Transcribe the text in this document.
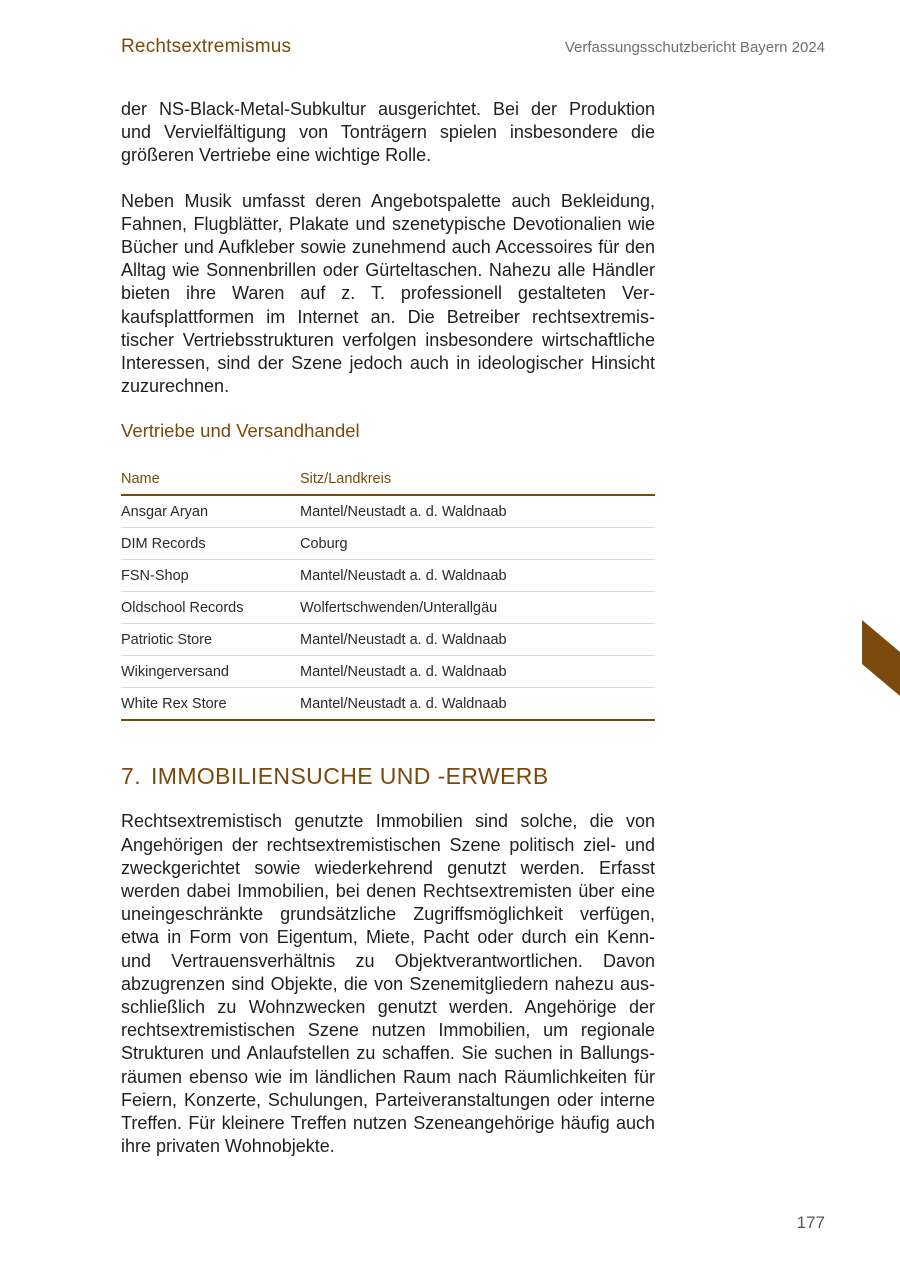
Rechtsextremismus	Verfassungsschutzbericht Bayern 2024

der NS-Black-Metal-Subkultur ausgerichtet. Bei der Produktion und Vervielfältigung von Tonträgern spielen insbesondere die größeren Vertriebe eine wichtige Rolle.

Neben Musik umfasst deren Angebotspalette auch Bekleidung, Fahnen, Flugblätter, Plakate und szenetypische Devotionalien wie Bücher und Aufkleber sowie zunehmend auch Accessoires für den Alltag wie Sonnenbrillen oder Gürteltaschen. Nahezu alle Händler bieten ihre Waren auf z. T. professionell gestalteten Verkaufsplattformen im Internet an. Die Betreiber rechtsextremistischer Vertriebsstrukturen verfolgen insbesondere wirtschaftliche Interessen, sind der Szene jedoch auch in ideologischer Hinsicht zuzurechnen.

Vertriebe und Versandhandel
Name	Sitz/Landkreis
Ansgar Aryan	Mantel/Neustadt a. d. Waldnaab
DIM Records	Coburg
FSN-Shop	Mantel/Neustadt a. d. Waldnaab
Oldschool Records	Wolfertschwenden/Unterallgäu
Patriotic Store	Mantel/Neustadt a. d. Waldnaab
Wikingerversand	Mantel/Neustadt a. d. Waldnaab
White Rex Store	Mantel/Neustadt a. d. Waldnaab
7. IMMOBILIENSUCHE UND -ERWERB

Rechtsextremistisch genutzte Immobilien sind solche, die von Angehörigen der rechtsextremistischen Szene politisch ziel- und zweckgerichtet sowie wiederkehrend genutzt werden. Erfasst werden dabei Immobilien, bei denen Rechtsextremisten über eine uneingeschränkte grundsätzliche Zugriffsmöglichkeit verfügen, etwa in Form von Eigentum, Miete, Pacht oder durch ein Kenn- und Vertrauensverhältnis zu Objektverantwortlichen. Davon abzugrenzen sind Objekte, die von Szenemitgliedern nahezu ausschließlich zu Wohnzwecken genutzt werden. Angehörige der rechtsextremistischen Szene nutzen Immobilien, um regionale Strukturen und Anlaufstellen zu schaffen. Sie suchen in Ballungsräumen ebenso wie im ländlichen Raum nach Räumlichkeiten für Feiern, Konzerte, Schulungen, Parteiveranstaltungen oder interne Treffen. Für kleinere Treffen nutzen Szeneangehörige häufig auch ihre privaten Wohnobjekte.

177
